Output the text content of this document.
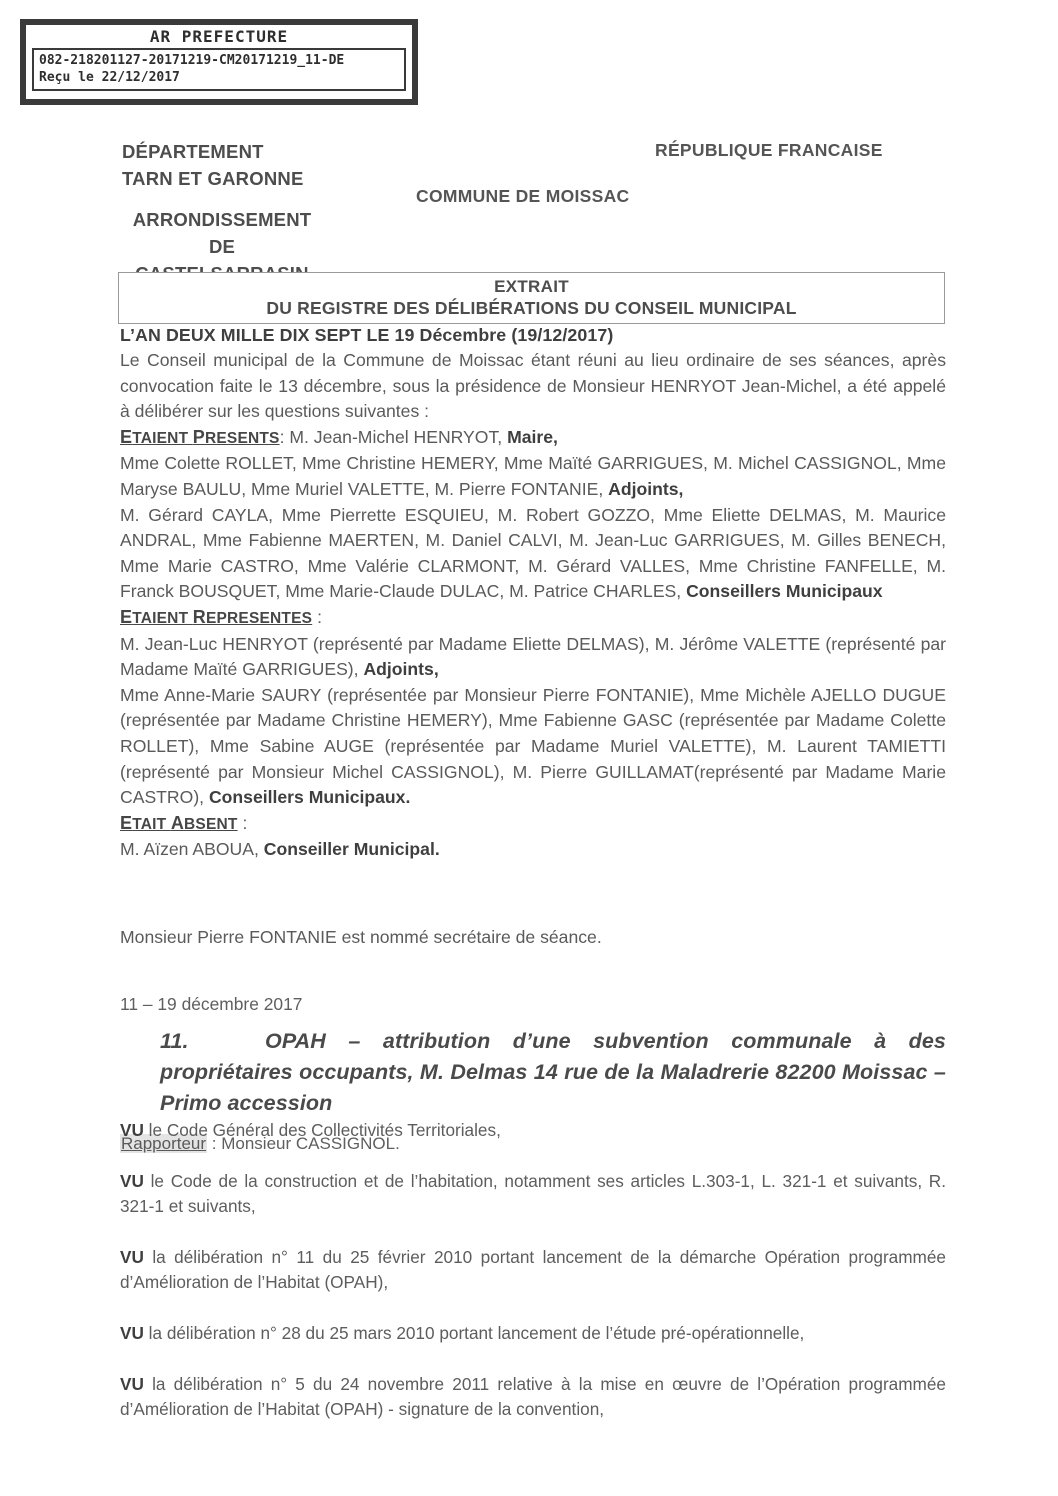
AR PREFECTURE
082-218201127-20171219-CM20171219_11-DE
Reçu le 22/12/2017
DÉPARTEMENT
TARN ET GARONNE
ARRONDISSEMENT
DE
RÉPUBLIQUE FRANCAISE
COMMUNE DE MOISSAC
EXTRAIT
DU REGISTRE DES DÉLIBÉRATIONS DU CONSEIL MUNICIPAL
L’AN DEUX MILLE DIX SEPT LE 19 Décembre (19/12/2017)
Le Conseil municipal de la Commune de Moissac étant réuni au lieu ordinaire de ses séances, après convocation faite le 13 décembre, sous la présidence de Monsieur HENRYOT Jean-Michel, a été appelé à délibérer sur les questions suivantes :
ETAIENT PRESENTS: M. Jean-Michel HENRYOT, Maire,
Mme Colette ROLLET, Mme Christine HEMERY, Mme Maïté GARRIGUES, M. Michel CASSIGNOL, Mme Maryse BAULU, Mme Muriel VALETTE, M. Pierre FONTANIE, Adjoints,
M. Gérard CAYLA, Mme Pierrette ESQUIEU, M. Robert GOZZO, Mme Eliette DELMAS, M. Maurice ANDRAL, Mme Fabienne MAERTEN, M. Daniel CALVI, M. Jean-Luc GARRIGUES, M. Gilles BENECH, Mme Marie CASTRO, Mme Valérie CLARMONT, M. Gérard VALLES, Mme Christine FANFELLE, M. Franck BOUSQUET, Mme Marie-Claude DULAC, M. Patrice CHARLES, Conseillers Municipaux
ETAIENT REPRESENTES :
M. Jean-Luc HENRYOT (représenté par Madame Eliette DELMAS), M. Jérôme VALETTE (représenté par Madame Maïté GARRIGUES), Adjoints,
Mme Anne-Marie SAURY (représentée par Monsieur Pierre FONTANIE), Mme Michèle AJELLO DUGUE (représentée par Madame Christine HEMERY), Mme Fabienne GASC (représentée par Madame Colette ROLLET), Mme Sabine AUGE (représentée par Madame Muriel VALETTE), M. Laurent TAMIETTI (représenté par Monsieur Michel CASSIGNOL), M. Pierre GUILLAMAT(représenté par Madame Marie CASTRO), Conseillers Municipaux.
ETAIT ABSENT :
M. Aïzen ABOUA, Conseiller Municipal.
Monsieur Pierre FONTANIE est nommé secrétaire de séance.
11 – 19 décembre 2017
11.	OPAH – attribution d’une subvention communale à des propriétaires occupants, M. Delmas 14 rue de la Maladrerie 82200 Moissac – Primo accession
Rapporteur : Monsieur CASSIGNOL.

VU le Code Général des Collectivités Territoriales,

VU le Code de la construction et de l’habitation, notamment ses articles L.303-1, L. 321-1 et suivants, R. 321-1 et suivants,

VU la délibération n° 11 du 25 février 2010 portant lancement de la démarche Opération programmée d’Amélioration de l’Habitat (OPAH),

VU la délibération n° 28 du 25 mars 2010 portant lancement de l’étude pré-opérationnelle,

VU la délibération n° 5 du 24 novembre 2011 relative à la mise en œuvre de l’Opération programmée d’Amélioration de l’Habitat (OPAH) - signature de la convention,
